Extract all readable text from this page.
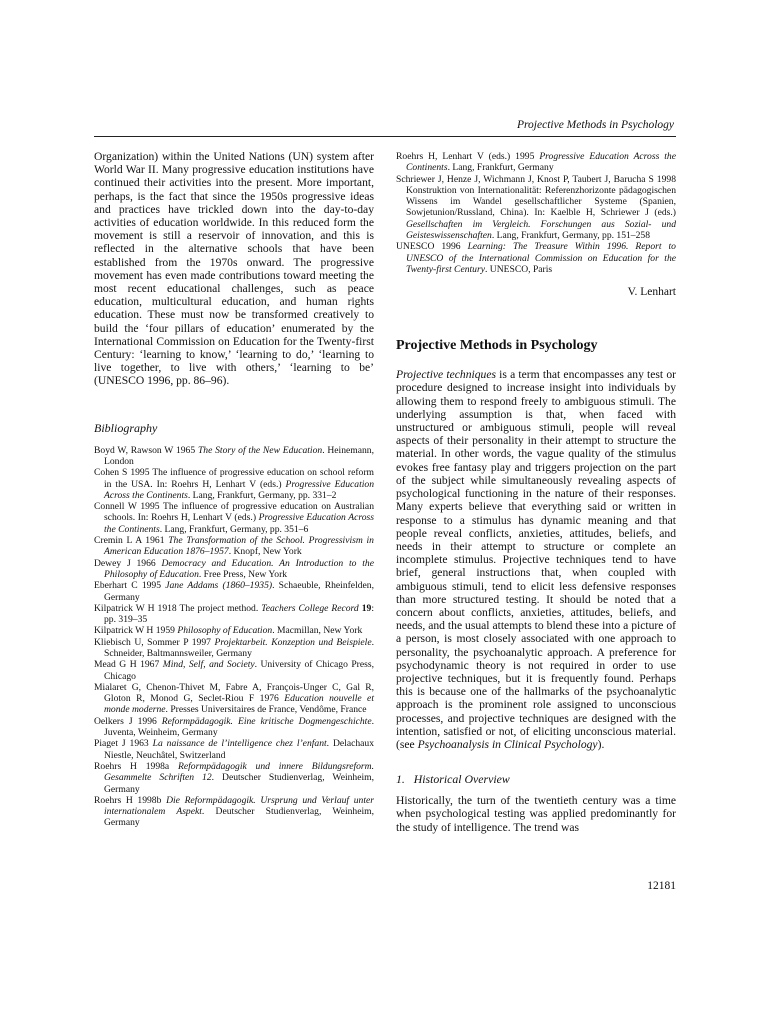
Projective Methods in Psychology

Organization) within the United Nations (UN) system after World War II. Many progressive education institutions have continued their activities into the present. More important, perhaps, is the fact that since the 1950s progressive ideas and practices have trickled down into the day-to-day activities of education worldwide. In this reduced form the movement is still a reservoir of innovation, and this is reflected in the alternative schools that have been established from the 1970s onward. The progressive movement has even made contributions toward meeting the most recent educational challenges, such as peace education, multicultural education, and human rights education. These must now be transformed creatively to build the ‘four pillars of education’ enumerated by the International Commission on Education for the Twenty-first Century: ‘learning to know,’ ‘learning to do,’ ‘learning to live together, to live with others,’ ‘learning to be’ (UNESCO 1996, pp. 86–96).

Bibliography

Boyd W, Rawson W 1965 The Story of the New Education. Heinemann, London
Cohen S 1995 The influence of progressive education on school reform in the USA. In: Roehrs H, Lenhart V (eds.) Progressive Education Across the Continents. Lang, Frankfurt, Germany, pp. 331–2
Connell W 1995 The influence of progressive education on Australian schools. In: Roehrs H, Lenhart V (eds.) Progressive Education Across the Continents. Lang, Frankfurt, Germany, pp. 351–6
Cremin L A 1961 The Transformation of the School. Progressivism in American Education 1876–1957. Knopf, New York
Dewey J 1966 Democracy and Education. An Introduction to the Philosophy of Education. Free Press, New York
Eberhart C 1995 Jane Addams (1860–1935). Schaeuble, Rheinfelden, Germany
Kilpatrick W H 1918 The project method. Teachers College Record 19: pp. 319–35
Kilpatrick W H 1959 Philosophy of Education. Macmillan, New York
Kliebisch U, Sommer P 1997 Projektarbeit. Konzeption und Beispiele. Schneider, Baltmannsweiler, Germany
Mead G H 1967 Mind, Self, and Society. University of Chicago Press, Chicago
Mialaret G, Chenon-Thivet M, Fabre A, François-Unger C, Gal R, Gloton R, Monod G, Seclet-Riou F 1976 Education nouvelle et monde moderne. Presses Universitaires de France, Vendôme, France
Oelkers J 1996 Reformpädagogik. Eine kritische Dogmengeschichte. Juventa, Weinheim, Germany
Piaget J 1963 La naissance de l’intelligence chez l’enfant. Delachaux Niestle, Neuchâtel, Switzerland
Roehrs H 1998a Reformpädagogik und innere Bildungsreform. Gesammelte Schriften 12. Deutscher Studienverlag, Weinheim, Germany
Roehrs H 1998b Die Reformpädagogik. Ursprung und Verlauf unter internationalem Aspekt. Deutscher Studienverlag, Weinheim, Germany
Roehrs H, Lenhart V (eds.) 1995 Progressive Education Across the Continents. Lang, Frankfurt, Germany
Schriewer J, Henze J, Wichmann J, Knost P, Taubert J, Barucha S 1998 Konstruktion von Internationalität: Referenzhorizonte pädagogischen Wissens im Wandel gesellschaftlicher Systeme (Spanien, Sowjetunion/Russland, China). In: Kaelble H, Schriewer J (eds.) Gesellschaften im Vergleich. Forschungen aus Sozial- und Geisteswissenschaften. Lang, Frankfurt, Germany, pp. 151–258
UNESCO 1996 Learning: The Treasure Within 1996. Report to UNESCO of the International Commission on Education for the Twenty-first Century. UNESCO, Paris

V. Lenhart

Projective Methods in Psychology

Projective techniques is a term that encompasses any test or procedure designed to increase insight into individuals by allowing them to respond freely to ambiguous stimuli. The underlying assumption is that, when faced with unstructured or ambiguous stimuli, people will reveal aspects of their personality in their attempt to structure the material. In other words, the vague quality of the stimulus evokes free fantasy play and triggers projection on the part of the subject while simultaneously revealing aspects of psychological functioning in the nature of their responses. Many experts believe that everything said or written in response to a stimulus has dynamic meaning and that people reveal conflicts, anxieties, attitudes, beliefs, and needs in their attempt to structure or complete an incomplete stimulus. Projective techniques tend to have brief, general instructions that, when coupled with ambiguous stimuli, tend to elicit less defensive responses than more structured testing. It should be noted that a concern about conflicts, anxieties, attitudes, beliefs, and needs, and the usual attempts to blend these into a picture of a person, is most closely associated with one approach to personality, the psychoanalytic approach. A preference for psychodynamic theory is not required in order to use projective techniques, but it is frequently found. Perhaps this is because one of the hallmarks of the psychoanalytic approach is the prominent role assigned to unconscious processes, and projective techniques are designed with the intention, satisfied or not, of eliciting unconscious material. (see Psychoanalysis in Clinical Psychology).

1. Historical Overview

Historically, the turn of the twentieth century was a time when psychological testing was applied predominantly for the study of intelligence. The trend was

12181
